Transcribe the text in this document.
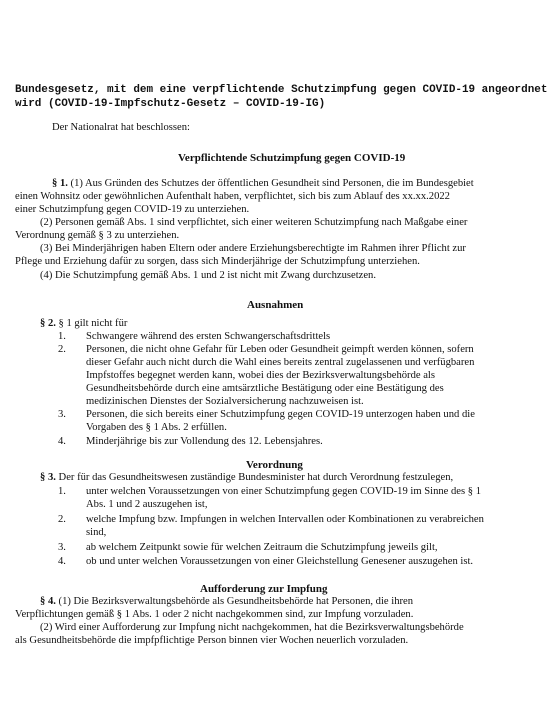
Bundesgesetz, mit dem eine verpflichtende Schutzimpfung gegen COVID-19 angeordnet
wird (COVID-19-Impfschutz-Gesetz – COVID-19-IG)
Der Nationalrat hat beschlossen:
Verpflichtende Schutzimpfung gegen COVID-19
§ 1. (1) Aus Gründen des Schutzes der öffentlichen Gesundheit sind Personen, die im Bundesgebiet
einen Wohnsitz oder gewöhnlichen Aufenthalt haben, verpflichtet, sich bis zum Ablauf des xx.xx.2022
einer Schutzimpfung gegen COVID-19 zu unterziehen.
(2) Personen gemäß Abs. 1 sind verpflichtet, sich einer weiteren Schutzimpfung nach Maßgabe einer
Verordnung gemäß § 3 zu unterziehen.
(3) Bei Minderjährigen haben Eltern oder andere Erziehungsberechtigte im Rahmen ihrer Pflicht zur
Pflege und Erziehung dafür zu sorgen, dass sich Minderjährige der Schutzimpfung unterziehen.
(4) Die Schutzimpfung gemäß Abs. 1 und 2 ist nicht mit Zwang durchzusetzen.
Ausnahmen
§ 2. § 1 gilt nicht für
1. Schwangere während des ersten Schwangerschaftsdrittels
2. Personen, die nicht ohne Gefahr für Leben oder Gesundheit geimpft werden können, sofern
dieser Gefahr auch nicht durch die Wahl eines bereits zentral zugelassenen und verfügbaren
Impfstoffes begegnet werden kann, wobei dies der Bezirksverwaltungsbehörde als
Gesundheitsbehörde durch eine amtsärztliche Bestätigung oder eine Bestätigung des
medizinischen Dienstes der Sozialversicherung nachzuweisen ist.
3. Personen, die sich bereits einer Schutzimpfung gegen COVID-19 unterzogen haben und die
Vorgaben des § 1 Abs. 2 erfüllen.
4. Minderjährige bis zur Vollendung des 12. Lebensjahres.
Verordnung
§ 3. Der für das Gesundheitswesen zuständige Bundesminister hat durch Verordnung festzulegen,
1. unter welchen Voraussetzungen von einer Schutzimpfung gegen COVID-19 im Sinne des § 1
Abs. 1 und 2 auszugehen ist,
2. welche Impfung bzw. Impfungen in welchen Intervallen oder Kombinationen zu verabreichen
sind,
3. ab welchem Zeitpunkt sowie für welchen Zeitraum die Schutzimpfung jeweils gilt,
4. ob und unter welchen Voraussetzungen von einer Gleichstellung Genesener auszugehen ist.
Aufforderung zur Impfung
§ 4. (1) Die Bezirksverwaltungsbehörde als Gesundheitsbehörde hat Personen, die ihren
Verpflichtungen gemäß § 1 Abs. 1 oder 2 nicht nachgekommen sind, zur Impfung vorzuladen.
(2) Wird einer Aufforderung zur Impfung nicht nachgekommen, hat die Bezirksverwaltungsbehörde
als Gesundheitsbehörde die impfpflichtige Person binnen vier Wochen neuerlich vorzuladen.
